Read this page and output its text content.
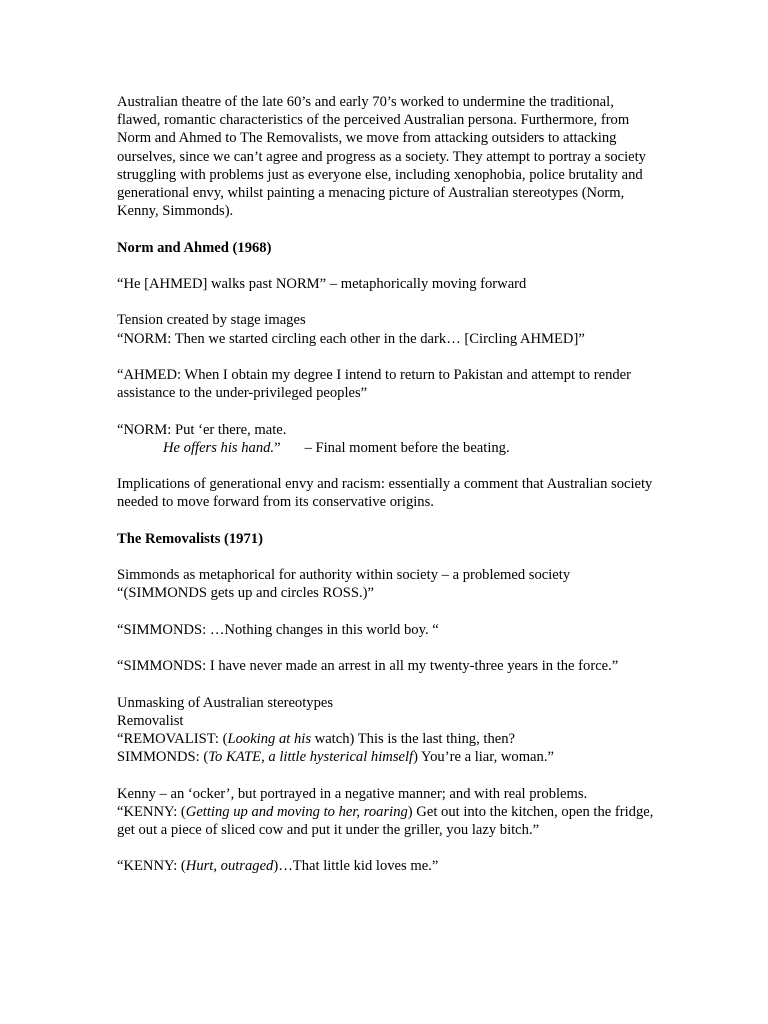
Australian theatre of the late 60’s and early 70’s worked to undermine the traditional, flawed, romantic characteristics of the perceived Australian persona. Furthermore, from Norm and Ahmed to The Removalists, we move from attacking outsiders to attacking ourselves, since we can’t agree and progress as a society. They attempt to portray a society struggling with problems just as everyone else, including xenophobia, police brutality and generational envy, whilst painting a menacing picture of Australian stereotypes (Norm, Kenny, Simmonds).

Norm and Ahmed (1968)

“He [AHMED] walks past NORM” – metaphorically moving forward

Tension created by stage images
“NORM: Then we started circling each other in the dark… [Circling AHMED]”

“AHMED: When I obtain my degree I intend to return to Pakistan and attempt to render assistance to the under-privileged peoples”

“NORM: Put ‘er there, mate.
He offers his hand.” – Final moment before the beating.

Implications of generational envy and racism: essentially a comment that Australian society needed to move forward from its conservative origins.

The Removalists (1971)

Simmonds as metaphorical for authority within society – a problemed society
“(SIMMONDS gets up and circles ROSS.)”

“SIMMONDS: …Nothing changes in this world boy. “

“SIMMONDS: I have never made an arrest in all my twenty-three years in the force.”

Unmasking of Australian stereotypes
Removalist
“REMOVALIST: (Looking at his watch) This is the last thing, then?
SIMMONDS: (To KATE, a little hysterical himself) You’re a liar, woman.”

Kenny – an ‘ocker’, but portrayed in a negative manner; and with real problems.
“KENNY: (Getting up and moving to her, roaring) Get out into the kitchen, open the fridge, get out a piece of sliced cow and put it under the griller, you lazy bitch.”

“KENNY: (Hurt, outraged)…That little kid loves me.”
